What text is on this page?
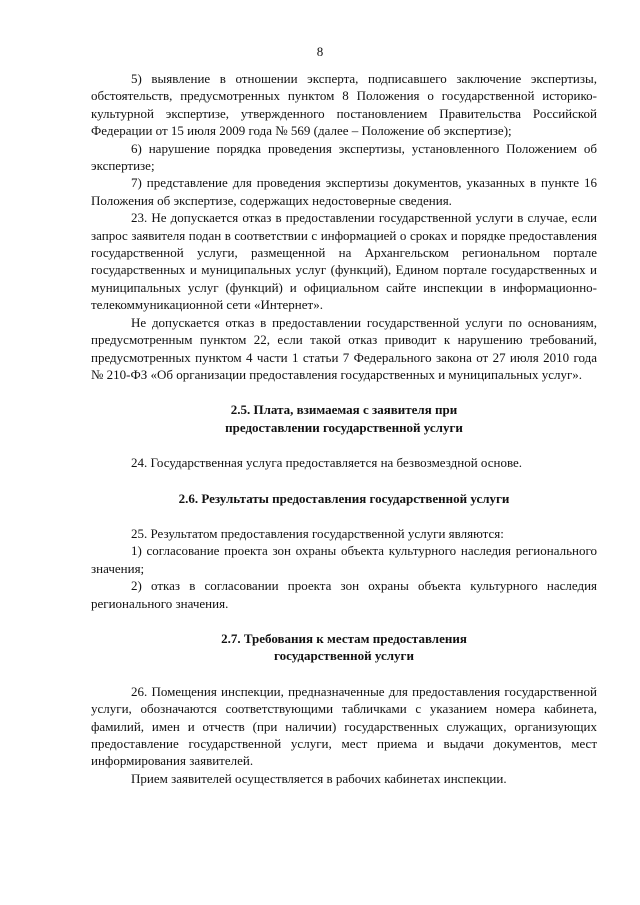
8

5) выявление в отношении эксперта, подписавшего заключение экспертизы, обстоятельств, предусмотренных пунктом 8 Положения о государственной историко-культурной экспертизе, утвержденного постановлением Правительства Российской Федерации от 15 июля 2009 года № 569 (далее – Положение об экспертизе);

6) нарушение порядка проведения экспертизы, установленного Положением об экспертизе;

7) представление для проведения экспертизы документов, указанных в пункте 16 Положения об экспертизе, содержащих недостоверные сведения.

23. Не допускается отказ в предоставлении государственной услуги в случае, если запрос заявителя подан в соответствии с информацией о сроках и порядке предоставления государственной услуги, размещенной на Архангельском региональном портале государственных и муниципальных услуг (функций), Едином портале государственных и муниципальных услуг (функций) и официальном сайте инспекции в информационно-телекоммуникационной сети «Интернет».

Не допускается отказ в предоставлении государственной услуги по основаниям, предусмотренным пунктом 22, если такой отказ приводит к нарушению требований, предусмотренных пунктом 4 части 1 статьи 7 Федерального закона от 27 июля 2010 года № 210-ФЗ «Об организации предоставления государственных и муниципальных услуг».

2.5. Плата, взимаемая с заявителя при
предоставлении государственной услуги

24. Государственная услуга предоставляется на безвозмездной основе.

2.6. Результаты предоставления государственной услуги

25. Результатом предоставления государственной услуги являются:

1) согласование проекта зон охраны объекта культурного наследия регионального значения;

2) отказ в согласовании проекта зон охраны объекта культурного наследия регионального значения.

2.7. Требования к местам предоставления
государственной услуги

26. Помещения инспекции, предназначенные для предоставления государственной услуги, обозначаются соответствующими табличками с указанием номера кабинета, фамилий, имен и отчеств (при наличии) государственных служащих, организующих предоставление государственной услуги, мест приема и выдачи документов, мест информирования заявителей.

Прием заявителей осуществляется в рабочих кабинетах инспекции.
